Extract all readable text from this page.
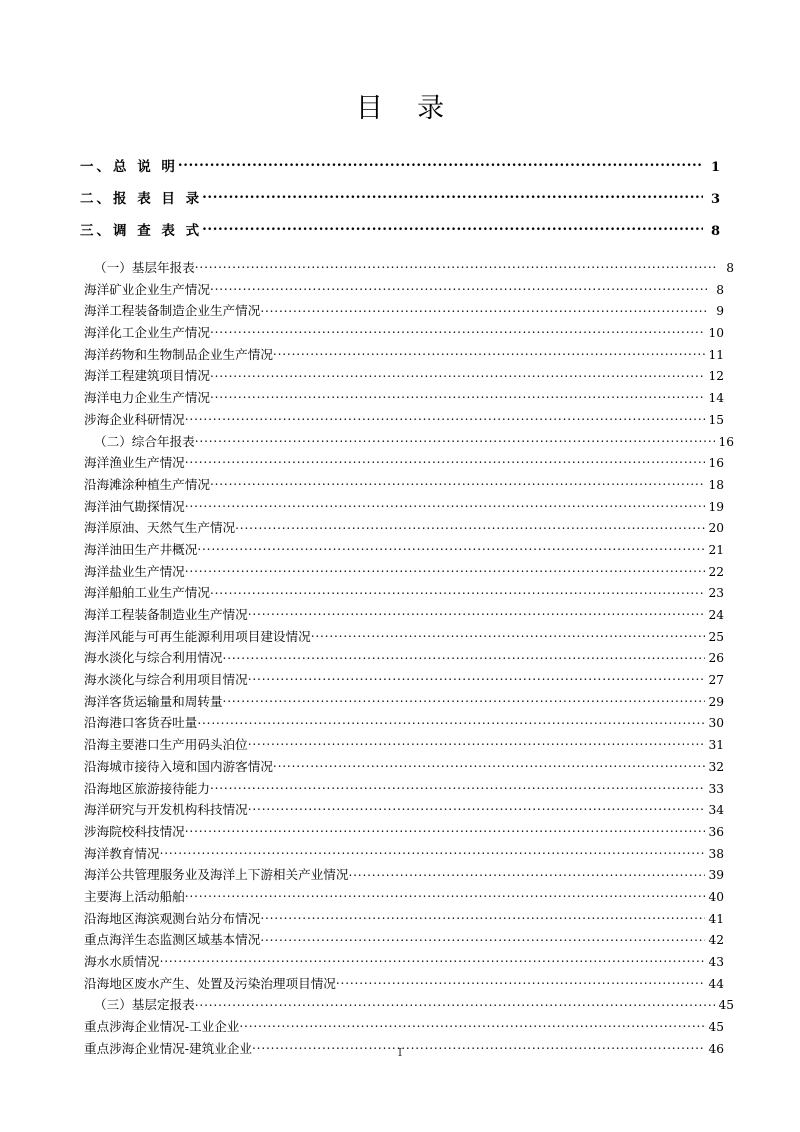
目    录
一、总 说 明 .....	1
二、报 表 目 录 .....	3
三、调 查 表 式 .....	8
（一）基层年报表 .....	8
海洋矿业企业生产情况 .....	8
海洋工程装备制造企业生产情况 .....	9
海洋化工企业生产情况 .....	10
海洋药物和生物制品企业生产情况 .....	11
海洋工程建筑项目情况 .....	12
海洋电力企业生产情况 .....	14
涉海企业科研情况 .....	15
（二）综合年报表 .....	16
海洋渔业生产情况 .....	16
沿海滩涂种植生产情况 .....	18
海洋油气勘探情况 .....	19
海洋原油、天然气生产情况 .....	20
海洋油田生产井概况 .....	21
海洋盐业生产情况 .....	22
海洋船舶工业生产情况 .....	23
海洋工程装备制造业生产情况 .....	24
海洋风能与可再生能源利用项目建设情况 .....	25
海水淡化与综合利用情况 .....	26
海水淡化与综合利用项目情况 .....	27
海洋客货运输量和周转量 .....	29
沿海港口客货吞吐量 .....	30
沿海主要港口生产用码头泊位 .....	31
沿海城市接待入境和国内游客情况 .....	32
沿海地区旅游接待能力 .....	33
海洋研究与开发机构科技情况 .....	34
涉海院校科技情况 .....	36
海洋教育情况 .....	38
海洋公共管理服务业及海洋上下游相关产业情况 .....	39
主要海上活动船舶 .....	40
沿海地区海滨观测台站分布情况 .....	41
重点海洋生态监测区域基本情况 .....	42
海水水质情况 .....	43
沿海地区废水产生、处置及污染治理项目情况 .....	44
（三）基层定报表 .....	45
重点涉海企业情况-工业企业 .....	45
重点涉海企业情况-建筑业企业 .....	46
I
